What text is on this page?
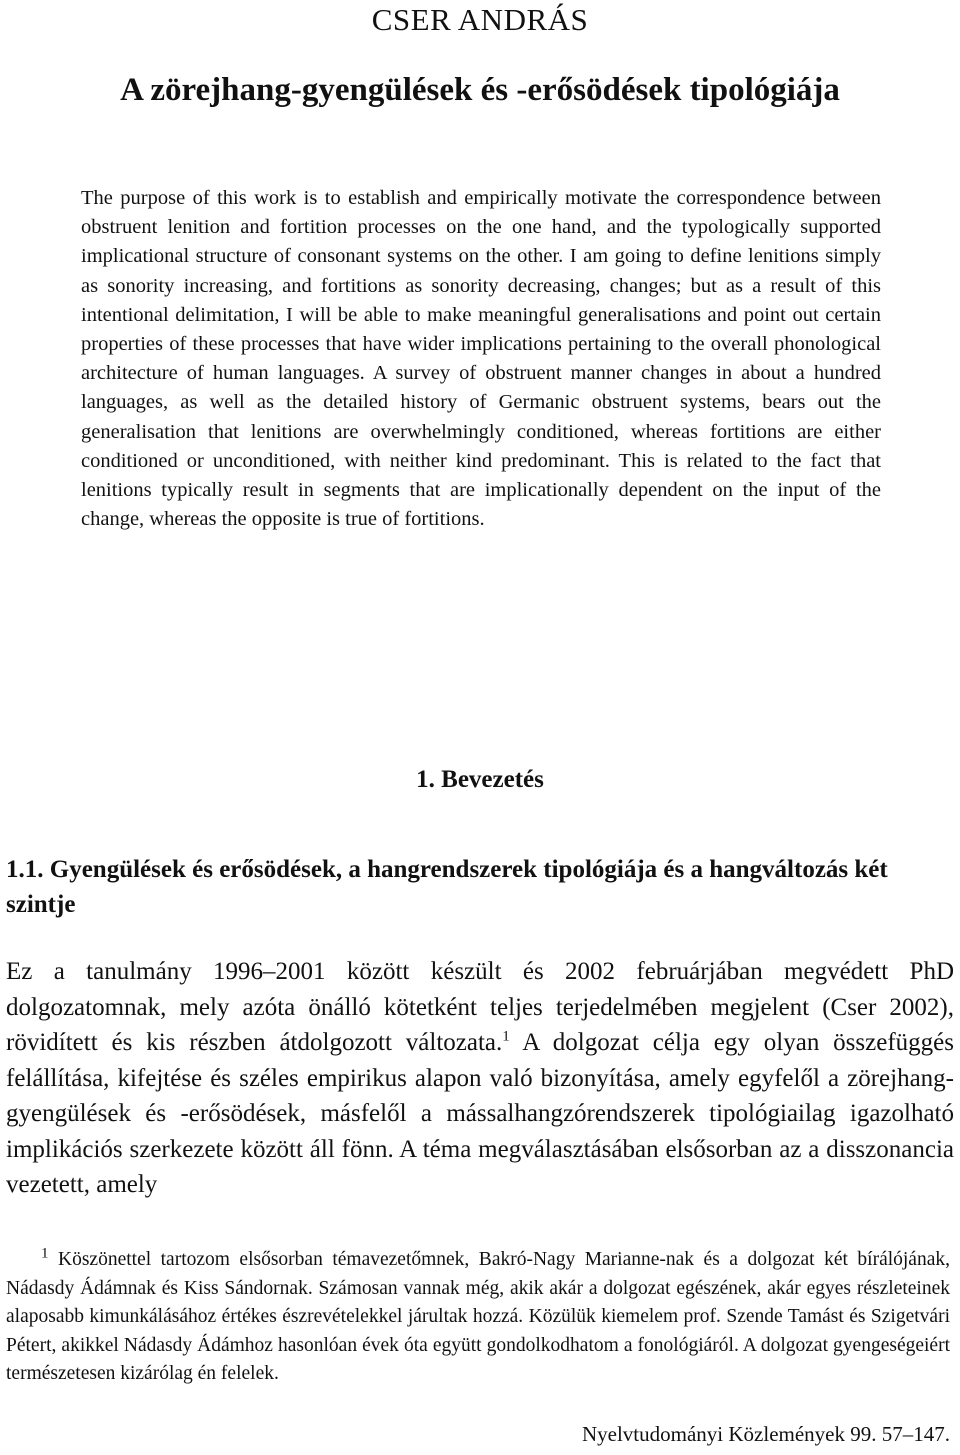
CSER ANDRÁS
A zörejhang-gyengülések és -erősödések tipológiája
The purpose of this work is to establish and empirically motivate the correspondence between obstruent lenition and fortition processes on the one hand, and the typologically supported implicational structure of consonant systems on the other. I am going to define lenitions simply as sonority increasing, and fortitions as sonority decreasing, changes; but as a result of this intentional delimitation, I will be able to make meaningful generalisations and point out certain properties of these processes that have wider implications pertaining to the overall phonological architecture of human languages. A survey of obstruent manner changes in about a hundred languages, as well as the detailed history of Germanic obstruent systems, bears out the generalisation that lenitions are overwhelmingly conditioned, whereas fortitions are either conditioned or unconditioned, with neither kind predominant. This is related to the fact that lenitions typically result in segments that are implicationally dependent on the input of the change, whereas the opposite is true of fortitions.
1. Bevezetés
1.1. Gyengülések és erősödések, a hangrendszerek tipológiája és a hangváltozás két szintje
Ez a tanulmány 1996–2001 között készült és 2002 februárjában megvédett PhD dolgozatomnak, mely azóta önálló kötetként teljes terjedelmében megjelent (Cser 2002), rövidített és kis részben átdolgozott változata.$^1$ A dolgozat célja egy olyan összefüggés felállítása, kifejtése és széles empirikus alapon való bizonyítása, amely egyfelől a zörejhang-gyengülések és -erősödések, másfelől a mássalhangzórendszerek tipológiailag igazolható implikációs szerkezete között áll fönn. A téma megválasztásában elsősorban az a disszonancia vezetett, amely
$^1$ Köszönettel tartozom elsősorban témavezetőmnek, Bakró-Nagy Marianne-nak és a dolgozat két bírálójának, Nádasdy Ádámnak és Kiss Sándornak. Számosan vannak még, akik akár a dolgozat egészének, akár egyes részleteinek alaposabb kimunkálásához értékes észrevételekkel járultak hozzá. Közülük kiemelem prof. Szende Tamást és Szigetvári Pétert, akikkel Nádasdy Ádámhoz hasonlóan évek óta együtt gondolkodhatom a fonológiáról. A dolgozat gyengeségeiért természetesen kizárólag én felelek.
Nyelvtudományi Közlemények 99. 57–147.
